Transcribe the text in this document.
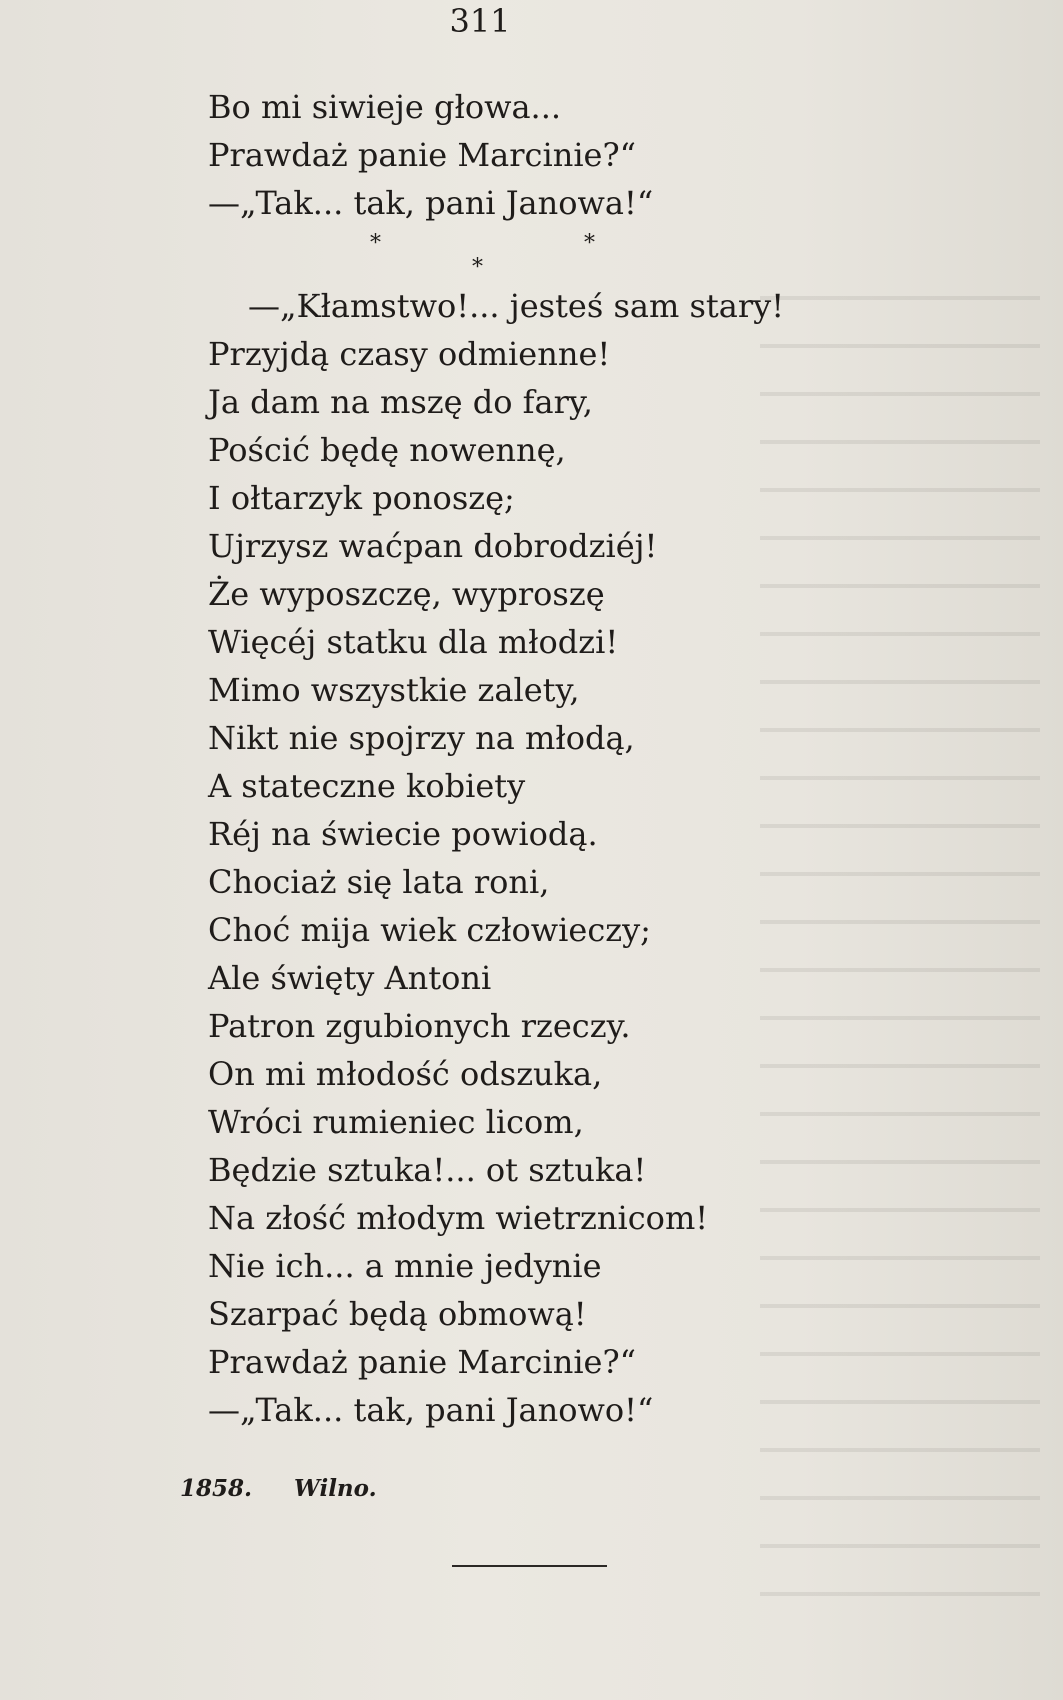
311
Bo mi siwieje głowa...
Prawdaż panie Marcinie?“
—„Tak... tak, pani Janowa!“
*
*
*
—„Kłamstwo!... jesteś sam stary!
Przyjdą czasy odmienne!
Ja dam na mszę do fary,
Pościć będę nowennę,
I ołtarzyk ponoszę;
Ujrzysz waćpan dobrodziéj!
Że wyposzczę, wyproszę
Więcéj statku dla młodzi!
Mimo wszystkie zalety,
Nikt nie spojrzy na młodą,
A stateczne kobiety
Réj na świecie powiodą.
Chociaż się lata roni,
Choć mija wiek człowieczy;
Ale święty Antoni
Patron zgubionych rzeczy.
On mi młodość odszuka,
Wróci rumieniec licom,
Będzie sztuka!... ot sztuka!
Na złość młodym wietrznicom!
Nie ich... a mnie jedynie
Szarpać będą obmową!
Prawdaż panie Marcinie?“
—„Tak... tak, pani Janowo!“
1858. Wilno.
